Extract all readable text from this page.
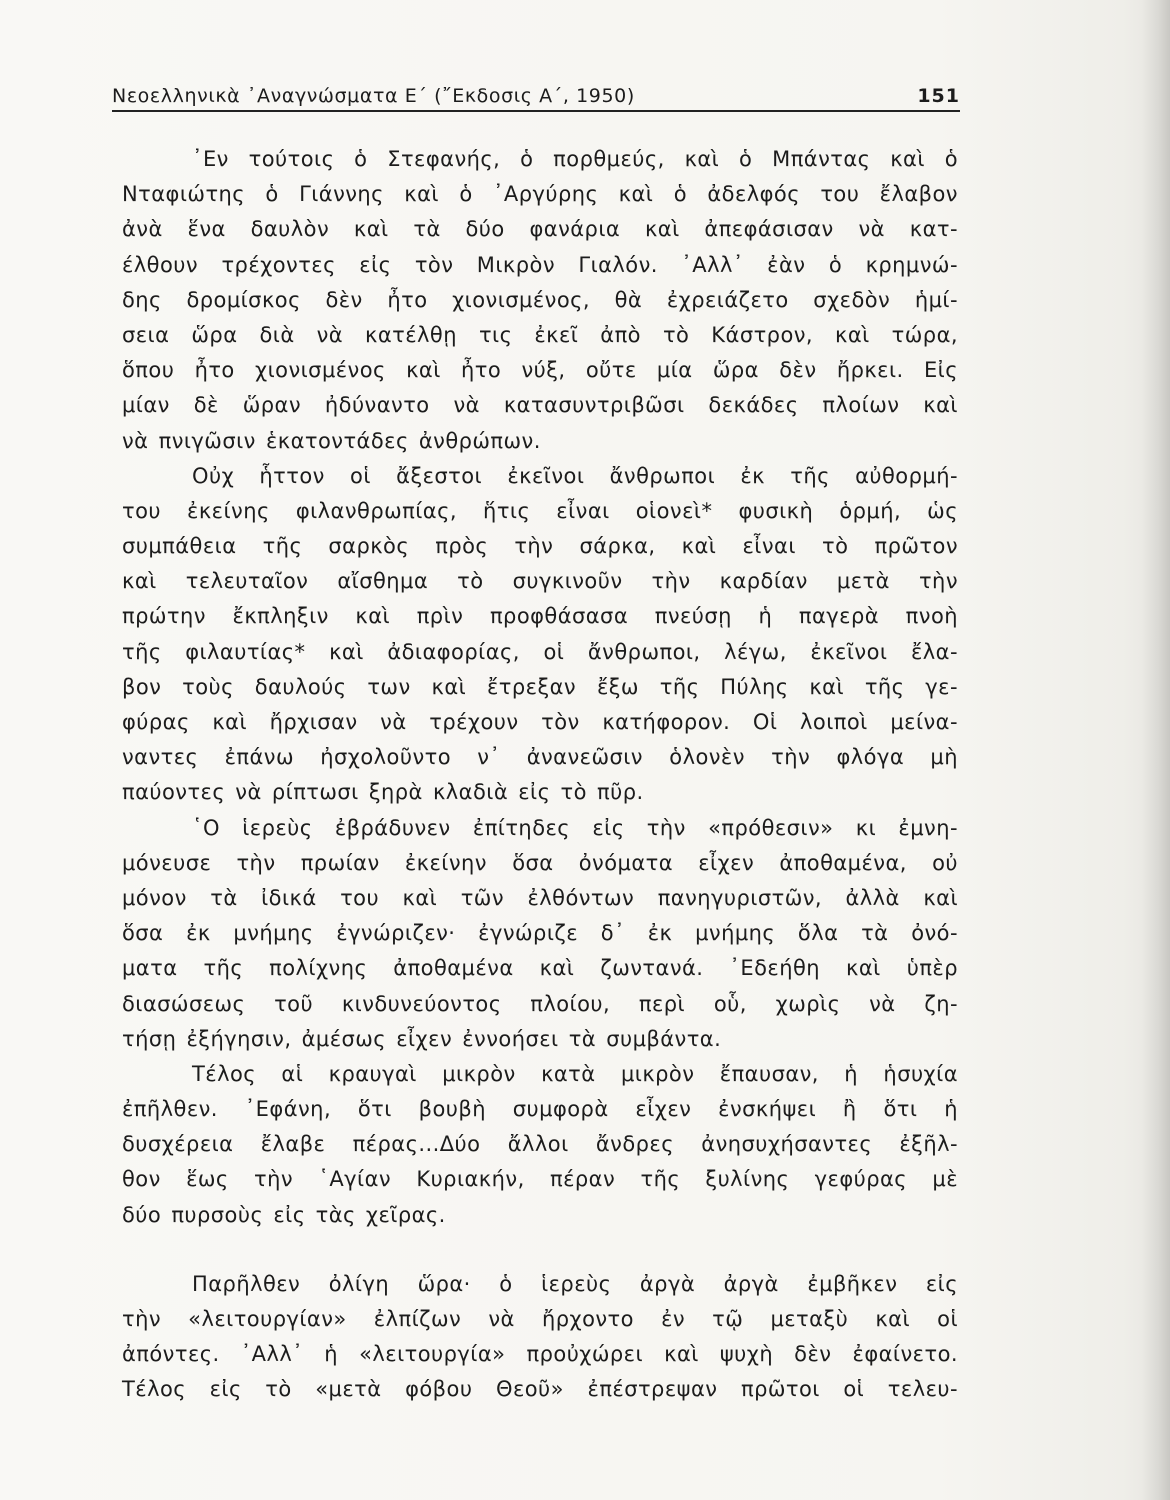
Νεοελληνικὰ ᾿Αναγνώσματα Ε΄ (῎Εκδοσις Α΄, 1950)	151
᾿Εν τούτοις ὁ Στεφανής, ὁ πορθμεύς, καὶ ὁ Μπάντας καὶ ὁ
Νταφιώτης ὁ Γιάννης καὶ ὁ ᾿Αργύρης καὶ ὁ ἀδελφός του ἔλαβον
ἀνὰ ἕνα δαυλὸν καὶ τὰ δύο φανάρια καὶ ἀπεφάσισαν νὰ κατ-
έλθουν τρέχοντες εἰς τὸν Μικρὸν Γιαλόν. ᾿Αλλ᾿ ἐὰν ὁ κρημνώ-
δης δρομίσκος δὲν ἦτο χιονισμένος, θὰ ἐχρειάζετο σχεδὸν ἡμί-
σεια ὥρα διὰ νὰ κατέλθῃ τις ἐκεῖ ἀπὸ τὸ Κάστρον, καὶ τώρα,
ὅπου ἦτο χιονισμένος καὶ ἦτο νύξ, οὔτε μία ὥρα δὲν ἤρκει. Εἰς
μίαν δὲ ὥραν ἠδύναντο νὰ κατασυντριβῶσι δεκάδες πλοίων καὶ
νὰ πνιγῶσιν ἑκατοντάδες ἀνθρώπων.
Οὐχ ἧττον οἱ ἄξεστοι ἐκεῖνοι ἄνθρωποι ἐκ τῆς αὐθορμή-
του ἐκείνης φιλανθρωπίας, ἥτις εἶναι οἱονεὶ* φυσικὴ ὁρμή, ὡς
συμπάθεια τῆς σαρκὸς πρὸς τὴν σάρκα, καὶ εἶναι τὸ πρῶτον
καὶ τελευταῖον αἴσθημα τὸ συγκινοῦν τὴν καρδίαν μετὰ τὴν
πρώτην ἔκπληξιν καὶ πρὶν προφθάσασα πνεύσῃ ἡ παγερὰ πνοὴ
τῆς φιλαυτίας* καὶ ἀδιαφορίας, οἱ ἄνθρωποι, λέγω, ἐκεῖνοι ἔλα-
βον τοὺς δαυλούς των καὶ ἔτρεξαν ἔξω τῆς Πύλης καὶ τῆς γε-
φύρας καὶ ἤρχισαν νὰ τρέχουν τὸν κατήφορον. Οἱ λοιποὶ μείνα-
ναντες ἐπάνω ἠσχολοῦντο ν᾿ ἀνανεῶσιν ὁλονὲν τὴν φλόγα μὴ
παύοντες νὰ ρίπτωσι ξηρὰ κλαδιὰ εἰς τὸ πῦρ.
῾Ο ἱερεὺς ἐβράδυνεν ἐπίτηδες εἰς τὴν «πρόθεσιν» κι ἐμνη-
μόνευσε τὴν πρωίαν ἐκείνην ὅσα ὀνόματα εἶχεν ἀποθαμένα, οὐ
μόνον τὰ ἰδικά του καὶ τῶν ἐλθόντων πανηγυριστῶν, ἀλλὰ καὶ
ὅσα ἐκ μνήμης ἐγνώριζεν· ἐγνώριζε δ᾿ ἐκ μνήμης ὅλα τὰ ὀνό-
ματα τῆς πολίχνης ἀποθαμένα καὶ ζωντανά. ᾿Εδεήθη καὶ ὑπὲρ
διασώσεως τοῦ κινδυνεύοντος πλοίου, περὶ οὗ, χωρὶς νὰ ζη-
τήσῃ ἐξήγησιν, ἀμέσως εἶχεν ἐννοήσει τὰ συμβάντα.
Τέλος αἱ κραυγαὶ μικρὸν κατὰ μικρὸν ἔπαυσαν, ἡ ἡσυχία
ἐπῆλθεν. ᾿Εφάνη, ὅτι βουβὴ συμφορὰ εἶχεν ἐνσκήψει ἢ ὅτι ἡ
δυσχέρεια ἔλαβε πέρας...Δύο ἄλλοι ἄνδρες ἀνησυχήσαντες ἐξῆλ-
θον ἕως τὴν ῾Αγίαν Κυριακήν, πέραν τῆς ξυλίνης γεφύρας μὲ
δύο πυρσοὺς εἰς τὰς χεῖρας.
Παρῆλθεν ὀλίγη ὥρα· ὁ ἱερεὺς ἀργὰ ἀργὰ ἐμβῆκεν εἰς
τὴν «λειτουργίαν» ἐλπίζων νὰ ἤρχοντο ἐν τῷ μεταξὺ καὶ οἱ
ἀπόντες. ᾿Αλλ᾿ ἡ «λειτουργία» προὐχώρει καὶ ψυχὴ δὲν ἐφαίνετο.
Τέλος εἰς τὸ «μετὰ φόβου Θεοῦ» ἐπέστρεψαν πρῶτοι οἱ τελευ-
